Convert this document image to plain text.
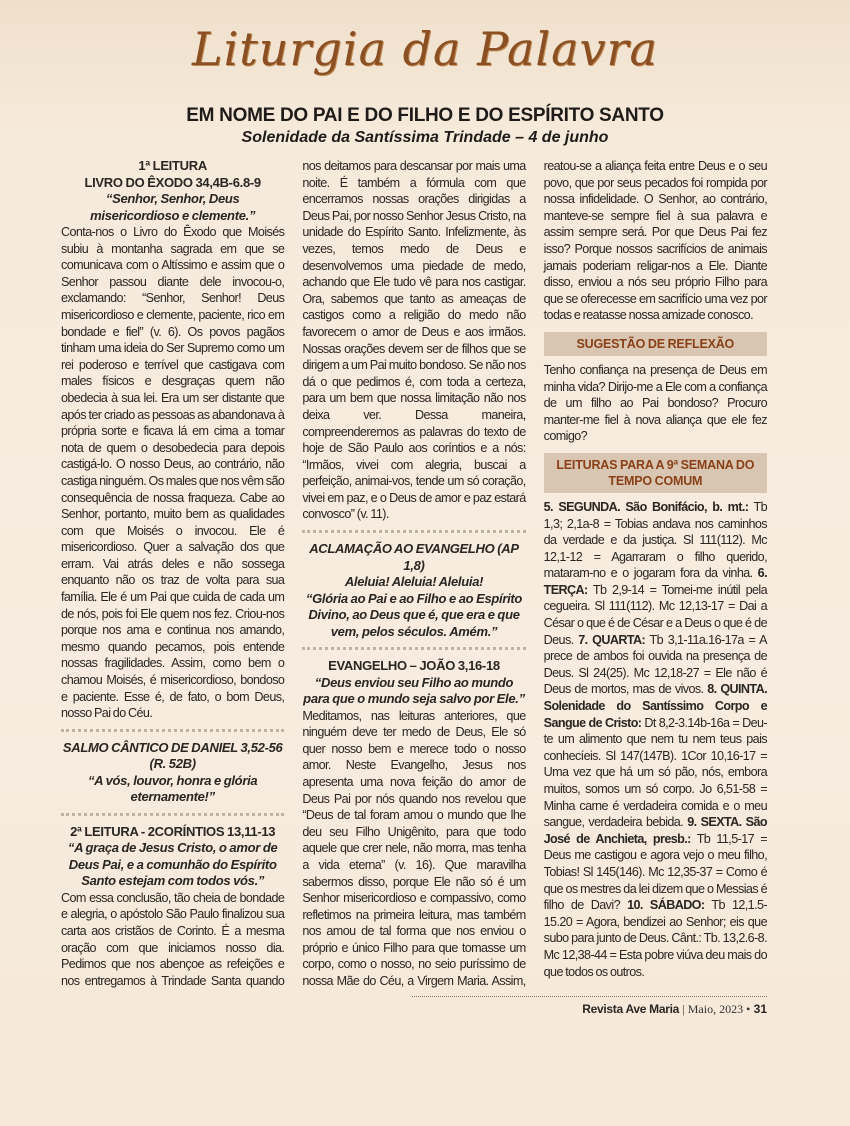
Liturgia da Palavra
EM NOME DO PAI E DO FILHO E DO ESPÍRITO SANTO
Solenidade da Santíssima Trindade – 4 de junho
1ª LEITURA
LIVRO DO ÊXODO 34,4B-6.8-9
“Senhor, Senhor, Deus misericordioso e clemente.”

Conta-nos o Livro do Êxodo que Moisés subiu à montanha sagrada em que se comunicava com o Altíssimo e assim que o Senhor passou diante dele invocou-o, exclamando: “Senhor, Senhor! Deus misericordioso e clemente, paciente, rico em bondade e fiel” (v. 6). Os povos pagãos tinham uma ideia do Ser Supremo como um rei poderoso e terrível que castigava com males físicos e desgraças quem não obedecia à sua lei. Era um ser distante que após ter criado as pessoas as abandonava à própria sorte e ficava lá em cima a tomar nota de quem o desobedecia para depois castigá-lo. O nosso Deus, ao contrário, não castiga ninguém. Os males que nos vêm são consequência de nossa fraqueza. Cabe ao Senhor, portanto, muito bem as qualidades com que Moisés o invocou. Ele é misericordioso. Quer a salvação dos que erram. Vai atrás deles e não sossega enquanto não os traz de volta para sua família. Ele é um Pai que cuida de cada um de nós, pois foi Ele quem nos fez. Criou-nos porque nos ama e continua nos amando, mesmo quando pecamos, pois entende nossas fragilidades. Assim, como bem o chamou Moisés, é misericordioso, bondoso e paciente. Esse é, de fato, o bom Deus, nosso Pai do Céu.

SALMO CÂNTICO DE DANIEL 3,52-56 (R. 52B)
“A vós, louvor, honra e glória eternamente!”
2ª LEITURA - 2CORÍNTIOS 13,11-13
“A graça de Jesus Cristo, o amor de Deus Pai, e a comunhão do Espírito Santo estejam com todos vós.”

Com essa conclusão, tão cheia de bondade e alegria, o apóstolo São Paulo finalizou sua carta aos cristãos de Corinto. É a mesma oração com que iniciamos nosso dia. Pedimos que nos abençoe as refeições e nos entregamos à Trindade Santa quando nos deitamos para descansar por mais uma noite. É também a fórmula com que encerramos nossas orações dirigidas a Deus Pai, por nosso Senhor Jesus Cristo, na unidade do Espírito Santo. Infelizmente, às vezes, temos medo de Deus e desenvolvemos uma piedade de medo, achando que Ele tudo vê para nos castigar. Ora, sabemos que tanto as ameaças de castigos como a religião do medo não favorecem o amor de Deus e aos irmãos. Nossas orações devem ser de filhos que se dirigem a um Pai muito bondoso. Se não nos dá o que pedimos é, com toda a certeza, para um bem que nossa limitação não nos deixa ver. Dessa maneira, compreenderemos as palavras do texto de hoje de São Paulo aos coríntios e a nós: “Irmãos, vivei com alegria, buscai a perfeição, animai-vos, tende um só coração, vivei em paz, e o Deus de amor e paz estará convosco” (v. 11).

ACLAMAÇÃO AO EVANGELHO (AP 1,8)
Aleluia! Aleluia! Aleluia!
“Glória ao Pai e ao Filho e ao Espírito Divino, ao Deus que é, que era e que vem, pelos séculos. Amém.”
EVANGELHO – JOÃO 3,16-18
“Deus enviou seu Filho ao mundo para que o mundo seja salvo por Ele.”

Meditamos, nas leituras anteriores, que ninguém deve ter medo de Deus, Ele só quer nosso bem e merece todo o nosso amor. Neste Evangelho, Jesus nos apresenta uma nova feição do amor de Deus Pai por nós quando nos revelou que “Deus de tal foram amou o mundo que lhe deu seu Filho Unigênito, para que todo aquele que crer nele, não morra, mas tenha a vida eterna” (v. 16). Que maravilha sabermos disso, porque Ele não só é um Senhor misericordioso e compassivo, como refletimos na primeira leitura, mas também nos amou de tal forma que nos enviou o próprio e único Filho para que tomasse um corpo, como o nosso, no seio puríssimo de nossa Mãe do Céu, a Virgem Maria. Assim, reatou-se a aliança feita entre Deus e o seu povo, que por seus pecados foi rompida por nossa infidelidade. O Senhor, ao contrário, manteve-se sempre fiel à sua palavra e assim sempre será. Por que Deus Pai fez isso? Porque nossos sacrifícios de animais jamais poderiam religar-nos a Ele. Diante disso, enviou a nós seu próprio Filho para que se oferecesse em sacrifício uma vez por todas e reatasse nossa amizade conosco.

SUGESTÃO DE REFLEXÃO

Tenho confiança na presença de Deus em minha vida? Dirijo-me a Ele com a confiança de um filho ao Pai bondoso? Procuro manter-me fiel à nova aliança que ele fez comigo?

LEITURAS PARA A 9ª SEMANA DO TEMPO COMUM

5. SEGUNDA. São Bonifácio, b. mt.: Tb 1,3; 2,1a-8 = Tobias andava nos caminhos da verdade e da justiça. Sl 111(112). Mc 12,1-12 = Agarraram o filho querido, mataram-no e o jogaram fora da vinha. 6. TERÇA: Tb 2,9-14 = Tornei-me inútil pela cegueira. Sl 111(112). Mc 12,13-17 = Dai a César o que é de César e a Deus o que é de Deus. 7. QUARTA: Tb 3,1-11a.16-17a = A prece de ambos foi ouvida na presença de Deus. Sl 24(25). Mc 12,18-27 = Ele não é Deus de mortos, mas de vivos. 8. QUINTA. Solenidade do Santíssimo Corpo e Sangue de Cristo: Dt 8,2-3.14b-16a = Deu-te um alimento que nem tu nem teus pais conhecíeis. Sl 147(147B). 1Cor 10,16-17 = Uma vez que há um só pão, nós, embora muitos, somos um só corpo. Jo 6,51-58 = Minha carne é verdadeira comida e o meu sangue, verdadeira bebida. 9. SEXTA. São José de Anchieta, presb.: Tb 11,5-17 = Deus me castigou e agora vejo o meu filho, Tobias! Sl 145(146). Mc 12,35-37 = Como é que os mestres da lei dizem que o Messias é filho de Davi? 10. SÁBADO: Tb 12,1.5-15.20 = Agora, bendizei ao Senhor; eis que subo para junto de Deus. Cânt.: Tb. 13,2.6-8. Mc 12,38-44 = Esta pobre viúva deu mais do que todos os outros.

Revista Ave Maria | Maio, 2023 • 31
